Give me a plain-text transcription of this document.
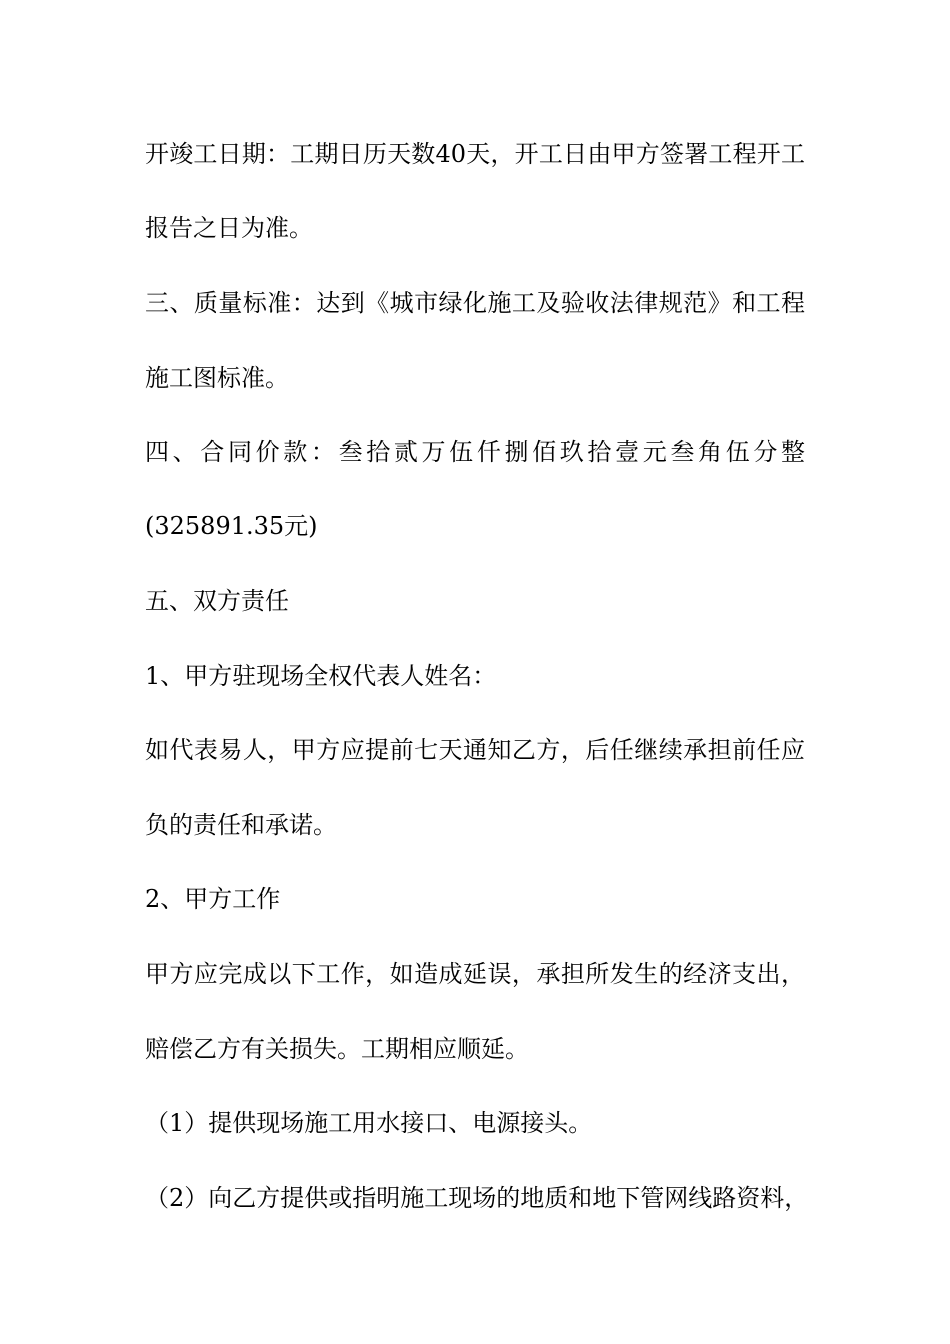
开竣工日期：工期日历天数40天，开工日由甲方签署工程开工
报告之日为准。
三、质量标准：达到《城市绿化施工及验收法律规范》和工程
施工图标准。
四、合同价款：叁拾贰万伍仟捌佰玖拾壹元叁角伍分整
(325891.35元)
五、双方责任
1、甲方驻现场全权代表人姓名：
如代表易人，甲方应提前七天通知乙方，后任继续承担前任应
负的责任和承诺。
2、甲方工作
甲方应完成以下工作，如造成延误，承担所发生的经济支出，
赔偿乙方有关损失。工期相应顺延。
（1）提供现场施工用水接口、电源接头。
（2）向乙方提供或指明施工现场的地质和地下管网线路资料，
